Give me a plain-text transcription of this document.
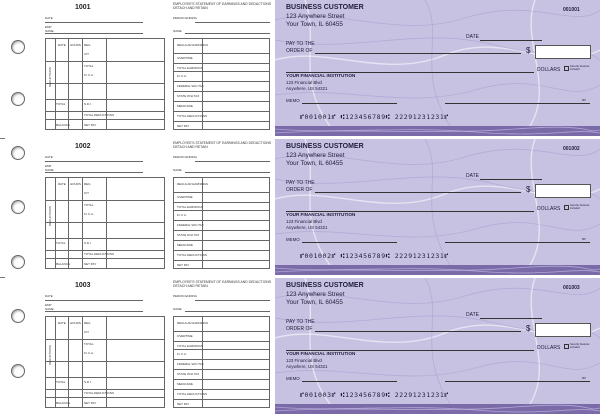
1001	EMPLOYEE'S STATEMENT OF EARNINGS AND DEDUCTIONS DETACH AND RETAIN
DATE
EMP
NAME
DEDUCTIONS
RATE HOURS REG
O/T
TOTAL
F.I.C.A.
TOTAL	S.D.I.
TOTAL DEDUCTIONS
BALANCE	NET PAY
PERIOD ENDING
NAME
REGULAR EARNINGS
OVERTIME
TOTAL EARNINGS
F.I.C.A.
FEDERAL W/H TAX
STATE W/H TAX
MEDICARE
TOTAL DEDUCTIONS
NET PAY
BUSINESS CUSTOMER
123 Anywhere Street
Your Town, IL 60455
001001
DATE
PAY TO THE
ORDER OF	$
DOLLARS
Security features included
YOUR FINANCIAL INSTITUTION
123 Financial Blvd
Anywhere, US 54321
MEMO	MP
⑈001001⑈ ⑆123456789⑆ 22291231231⑈
1002	EMPLOYEE'S STATEMENT OF EARNINGS AND DEDUCTIONS DETACH AND RETAIN
DATE
EMP
NAME
DEDUCTIONS
RATE HOURS REG
O/T
TOTAL
F.I.C.A.
TOTAL	S.D.I.
TOTAL DEDUCTIONS
BALANCE	NET PAY
PERIOD ENDING
NAME
REGULAR EARNINGS
OVERTIME
TOTAL EARNINGS
F.I.C.A.
FEDERAL W/H TAX
STATE W/H TAX
MEDICARE
TOTAL DEDUCTIONS
NET PAY
BUSINESS CUSTOMER
123 Anywhere Street
Your Town, IL 60455
001002
DATE
PAY TO THE
ORDER OF	$
DOLLARS
Security features included
YOUR FINANCIAL INSTITUTION
123 Financial Blvd
Anywhere, US 54321
MEMO	MP
⑈001002⑈ ⑆123456789⑆ 22291231231⑈
1003	EMPLOYEE'S STATEMENT OF EARNINGS AND DEDUCTIONS DETACH AND RETAIN
DATE
EMP
NAME
DEDUCTIONS
RATE HOURS REG
O/T
TOTAL
F.I.C.A.
TOTAL	S.D.I.
TOTAL DEDUCTIONS
BALANCE	NET PAY
PERIOD ENDING
NAME
REGULAR EARNINGS
OVERTIME
TOTAL EARNINGS
F.I.C.A.
FEDERAL W/H TAX
STATE W/H TAX
MEDICARE
TOTAL DEDUCTIONS
NET PAY
BUSINESS CUSTOMER
123 Anywhere Street
Your Town, IL 60455
001003
DATE
PAY TO THE
ORDER OF	$
DOLLARS
Security features included
YOUR FINANCIAL INSTITUTION
123 Financial Blvd
Anywhere, US 54321
MEMO	MP
⑈001003⑈ ⑆123456789⑆ 22291231231⑈
